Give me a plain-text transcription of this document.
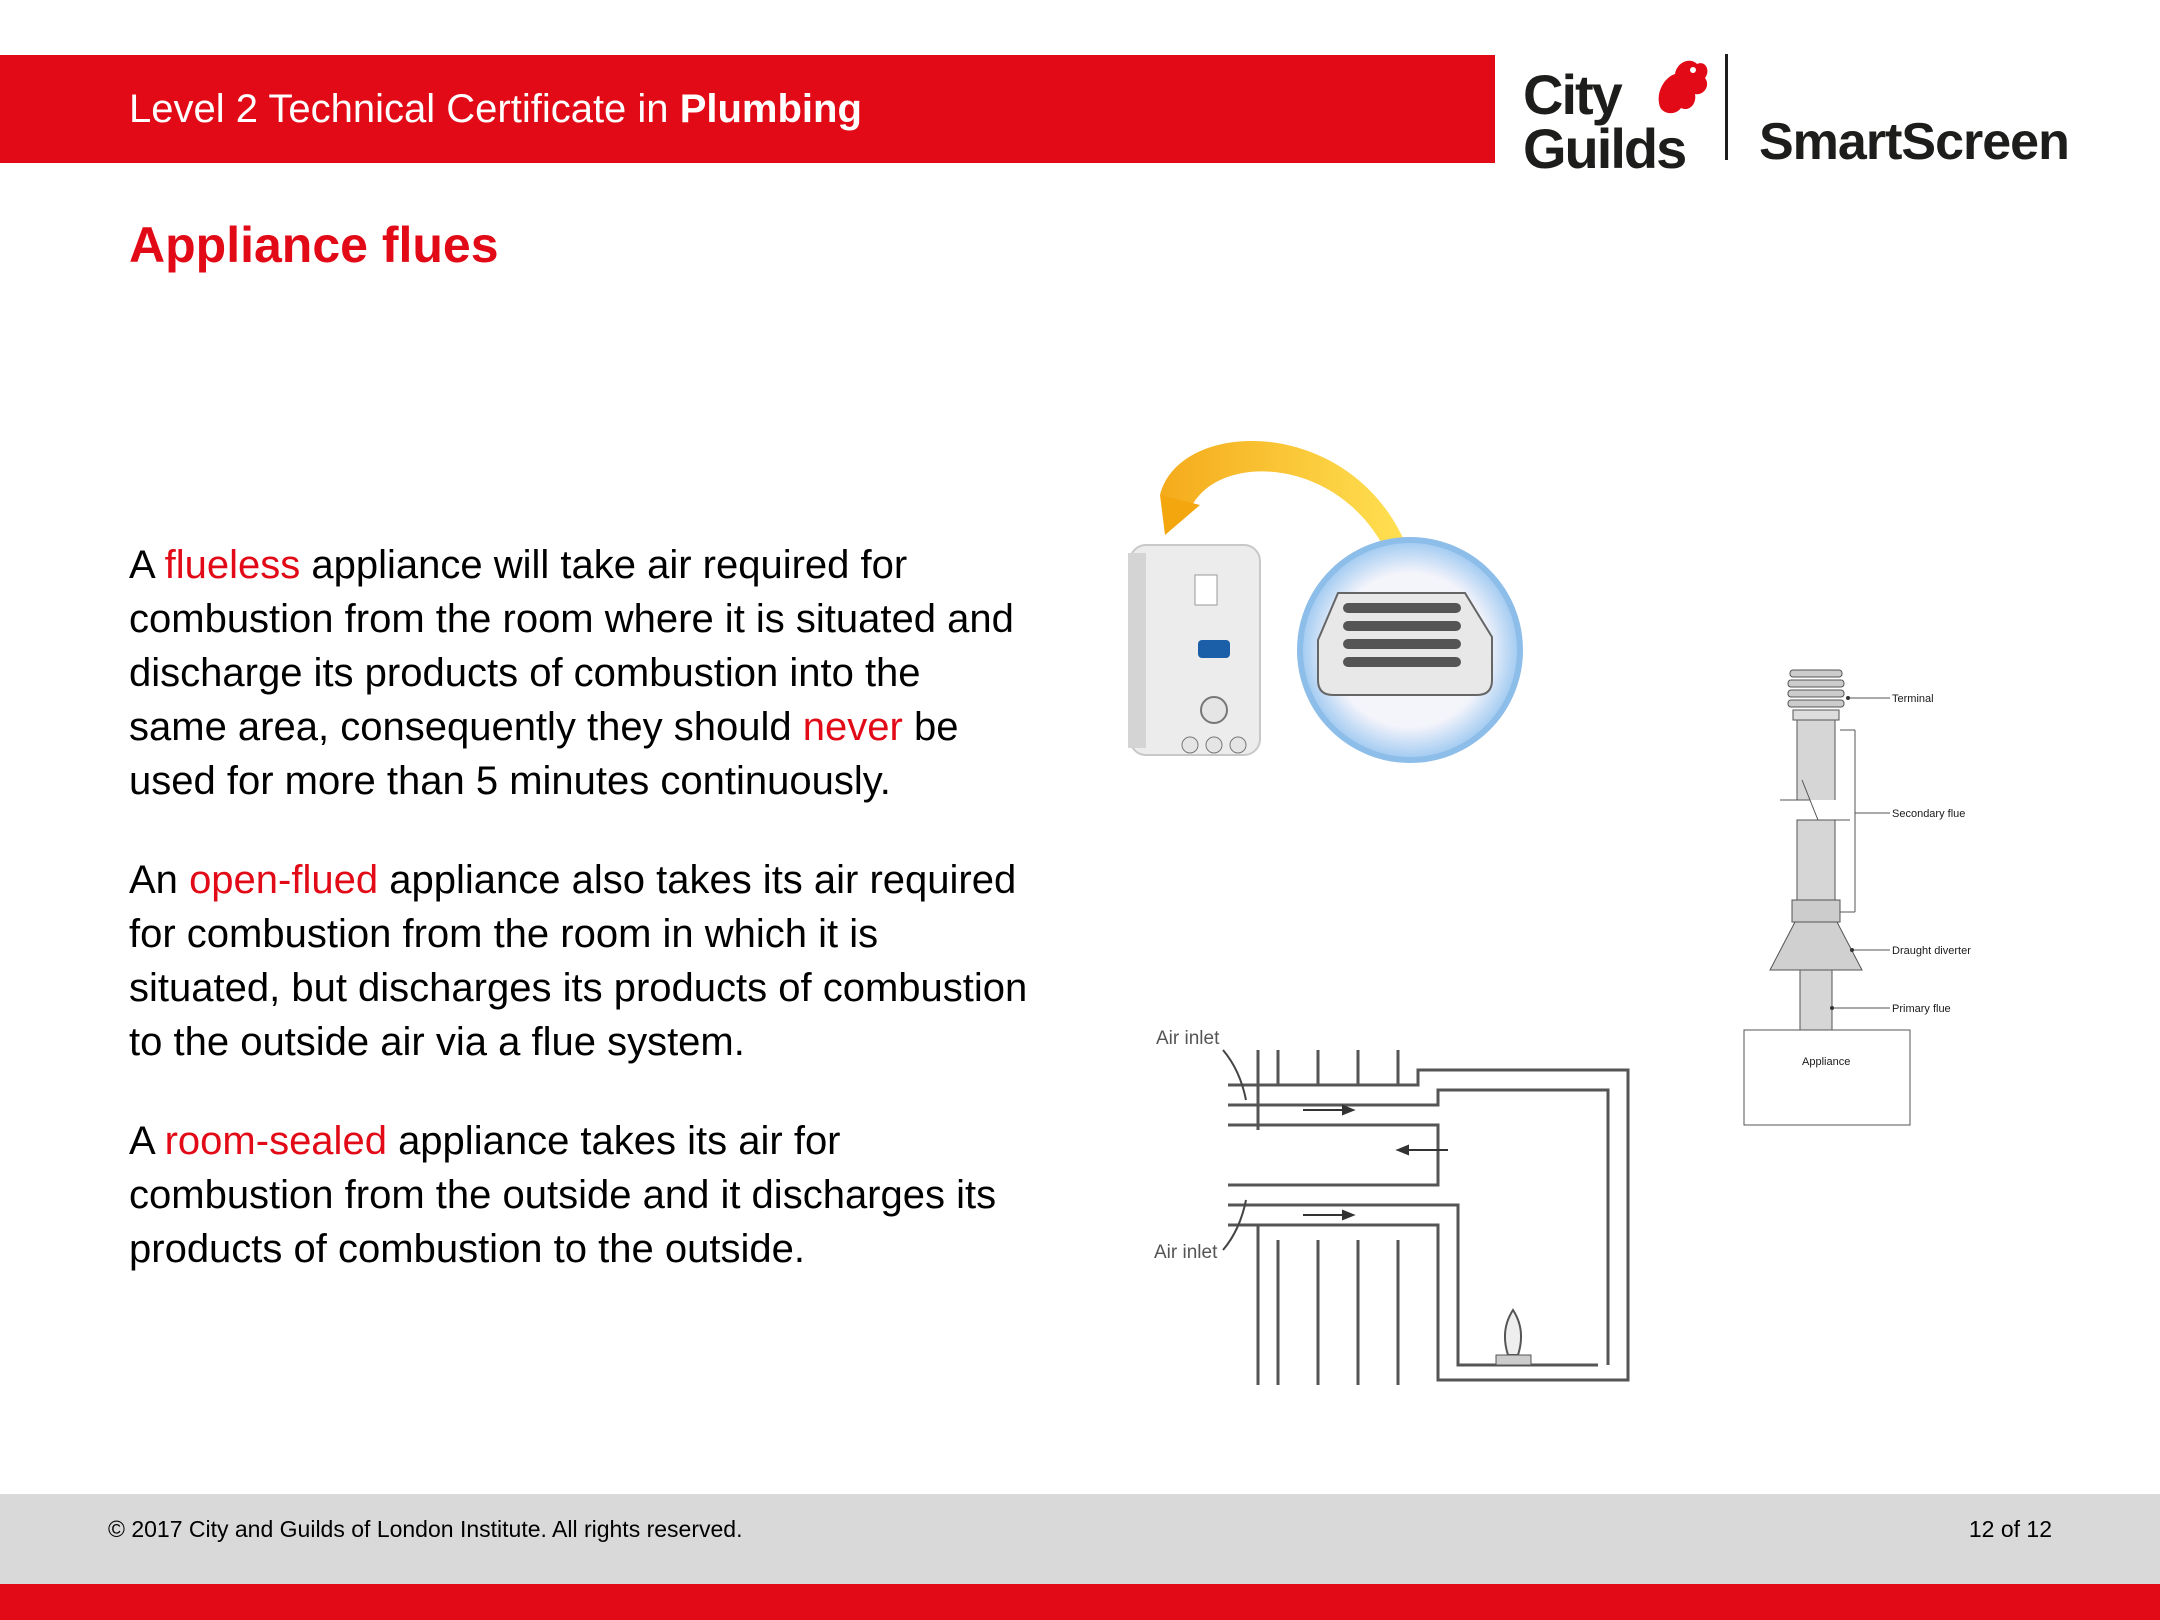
Level 2 Technical Certificate in Plumbing	City
Guilds SmartScreen
Appliance flues

A flueless appliance will take air required for combustion from the room where it is situated and discharge its products of combustion into the same area, consequently they should never be used for more than 5 minutes continuously.

An open-flued appliance also takes its air required for combustion from the room in which it is situated, but discharges its products of combustion to the outside air via a flue system.

A room-sealed appliance takes its air for combustion from the outside and it discharges its products of combustion to the outside.

Terminal
Secondary flue
Draught diverter
Primary flue
Appliance
Air inlet
Air inlet
© 2017 City and Guilds of London Institute. All rights reserved.	12 of 12
